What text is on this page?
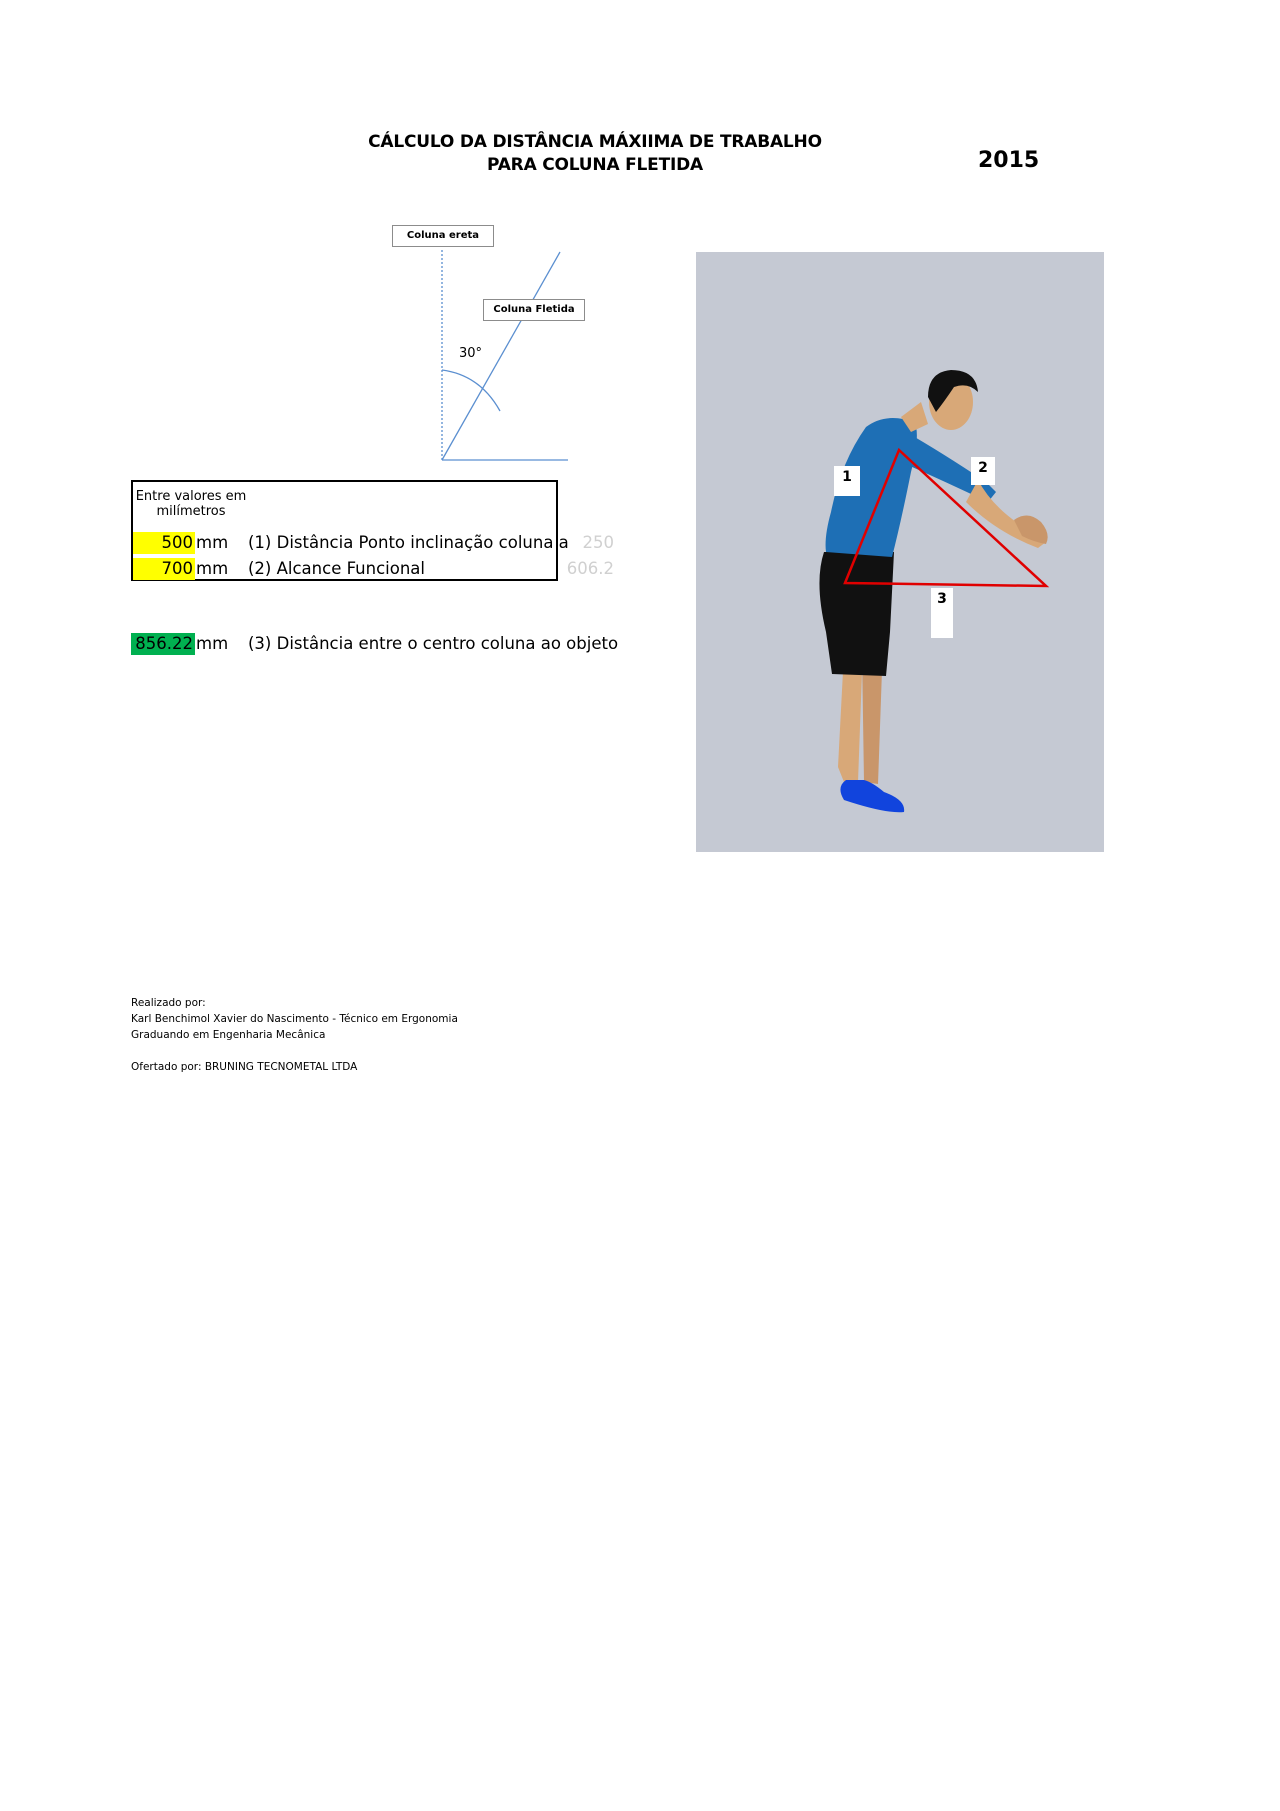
CÁLCULO DA DISTÂNCIA MÁXIIMA DE TRABALHO
PARA COLUNA FLETIDA	2015
Coluna ereta
Coluna Fletida
30°
Entre valores em
milímetros
500 mm (1) Distância Ponto inclinação coluna a 250
700 mm (2) Alcance Funcional	606.2
856.22 mm (3) Distância entre o centro coluna ao objeto
1
2
3
Realizado por:
Karl Benchimol Xavier do Nascimento - Técnico em Ergonomia
Graduando em Engenharia Mecânica
Ofertado por: BRUNING TECNOMETAL LTDA
